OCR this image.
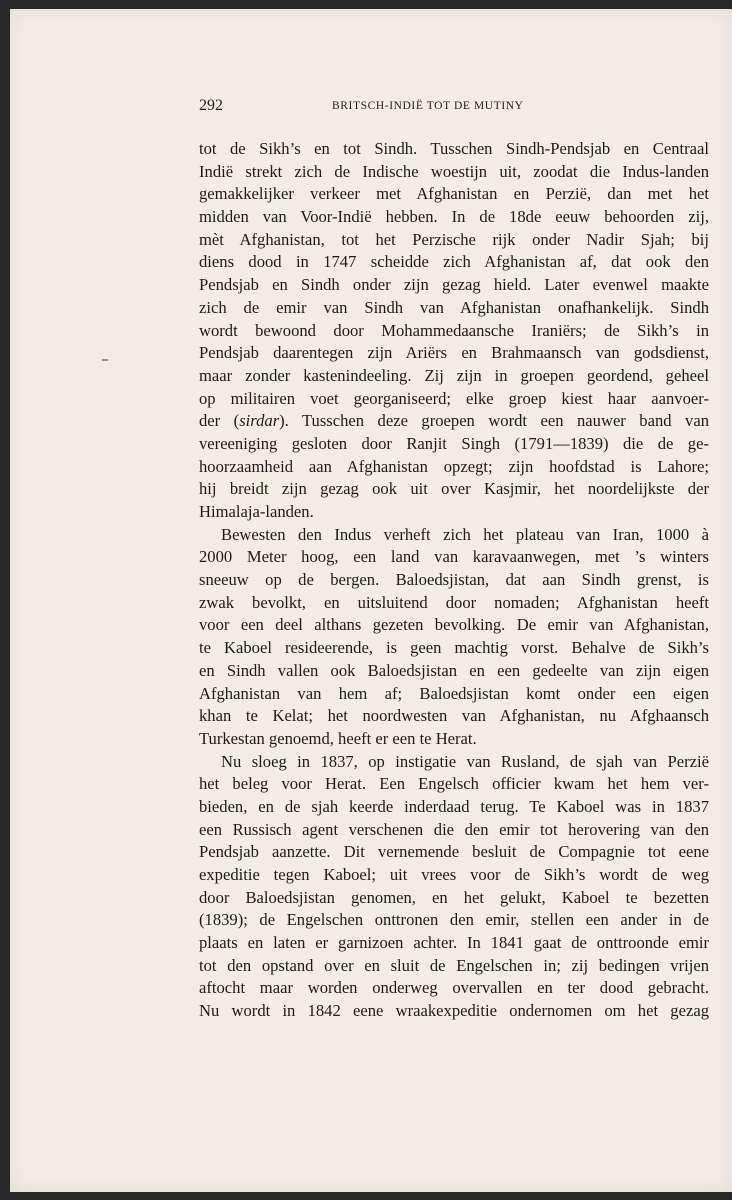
292	BRITSCH-INDIË TOT DE MUTINY
tot de Sikh’s en tot Sindh. Tusschen Sindh-Pendsjab en Centraal
Indië strekt zich de Indische woestijn uit, zoodat die Indus-landen
gemakkelijker verkeer met Afghanistan en Perzië, dan met het
midden van Voor-Indië hebben. In de 18de eeuw behoorden zij,
mèt Afghanistan, tot het Perzische rijk onder Nadir Sjah; bij
diens dood in 1747 scheidde zich Afghanistan af, dat ook den
Pendsjab en Sindh onder zijn gezag hield. Later evenwel maakte
zich de emir van Sindh van Afghanistan onafhankelijk. Sindh
wordt bewoond door Mohammedaansche Iraniërs; de Sikh’s in
Pendsjab daarentegen zijn Ariërs en Brahmaansch van godsdienst,
maar zonder kastenindeeling. Zij zijn in groepen geordend, geheel
op militairen voet georganiseerd; elke groep kiest haar aanvoer-
der (sirdar). Tusschen deze groepen wordt een nauwer band van
vereeniging gesloten door Ranjit Singh (1791—1839) die de ge-
hoorzaamheid aan Afghanistan opzegt; zijn hoofdstad is Lahore;
hij breidt zijn gezag ook uit over Kasjmir, het noordelijkste der
Himalaja-landen.
Bewesten den Indus verheft zich het plateau van Iran, 1000 à
2000 Meter hoog, een land van karavaanwegen, met ’s winters
sneeuw op de bergen. Baloedsjistan, dat aan Sindh grenst, is
zwak bevolkt, en uitsluitend door nomaden; Afghanistan heeft
voor een deel althans gezeten bevolking. De emir van Afghanistan,
te Kaboel resideerende, is geen machtig vorst. Behalve de Sikh’s
en Sindh vallen ook Baloedsjistan en een gedeelte van zijn eigen
Afghanistan van hem af; Baloedsjistan komt onder een eigen
khan te Kelat; het noordwesten van Afghanistan, nu Afghaansch
Turkestan genoemd, heeft er een te Herat.
Nu sloeg in 1837, op instigatie van Rusland, de sjah van Perzië
het beleg voor Herat. Een Engelsch officier kwam het hem ver-
bieden, en de sjah keerde inderdaad terug. Te Kaboel was in 1837
een Russisch agent verschenen die den emir tot herovering van den
Pendsjab aanzette. Dit vernemende besluit de Compagnie tot eene
expeditie tegen Kaboel; uit vrees voor de Sikh’s wordt de weg
door Baloedsjistan genomen, en het gelukt, Kaboel te bezetten
(1839); de Engelschen onttronen den emir, stellen een ander in de
plaats en laten er garnizoen achter. In 1841 gaat de onttroonde emir
tot den opstand over en sluit de Engelschen in; zij bedingen vrijen
aftocht maar worden onderweg overvallen en ter dood gebracht.
Nu wordt in 1842 eene wraakexpeditie ondernomen om het gezag
